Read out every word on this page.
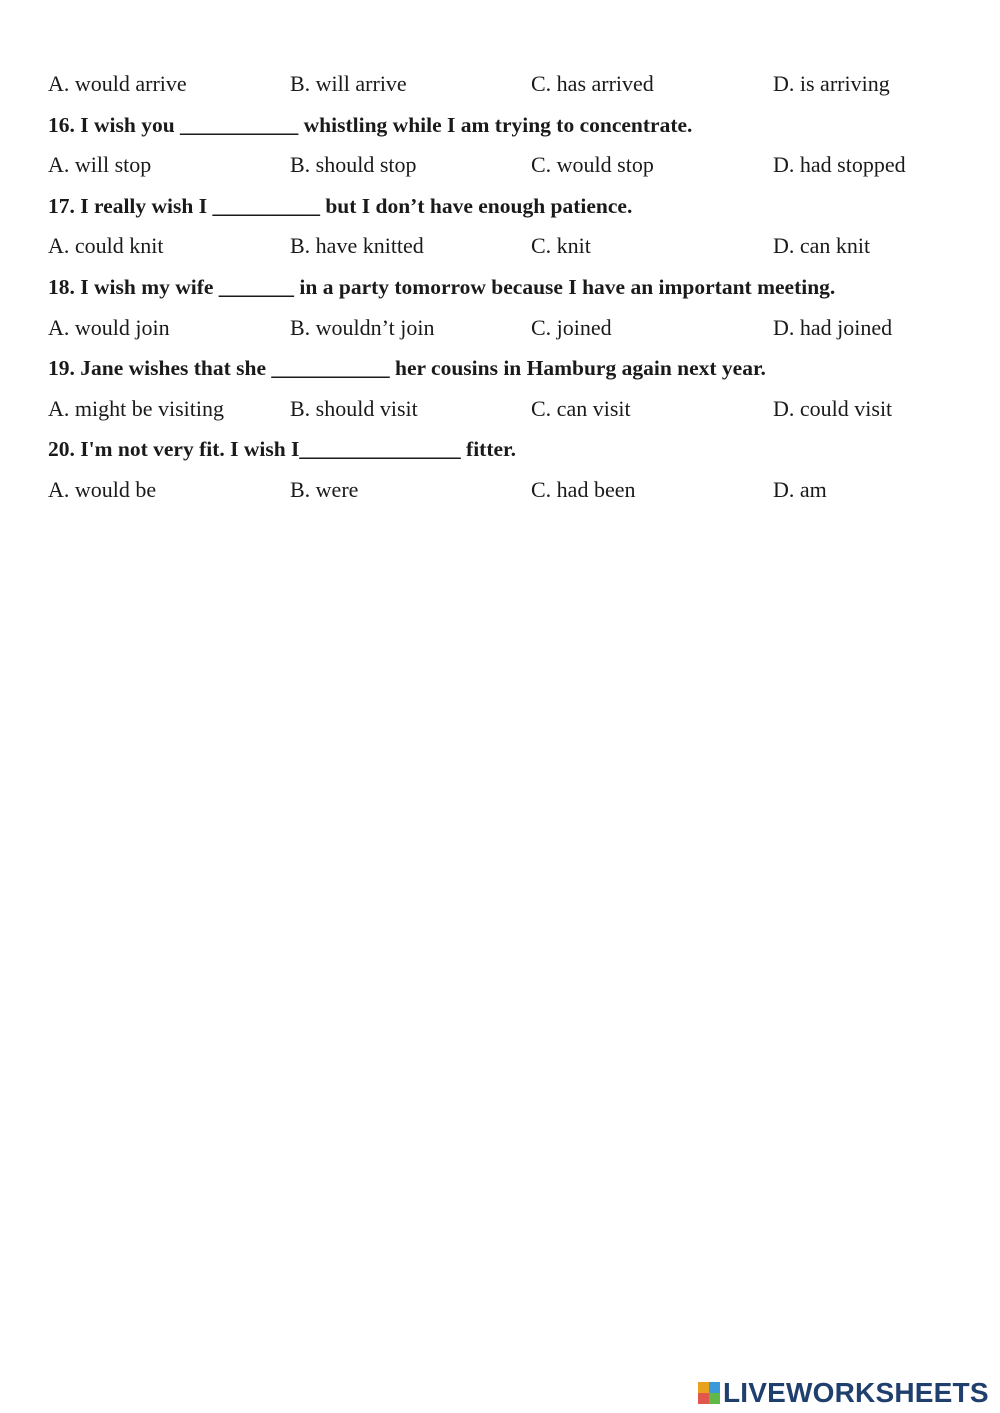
A. would arrive	B. will arrive	C. has arrived	D. is arriving
16. I wish you ___________ whistling while I am trying to concentrate.
A. will stop	B. should stop	C. would stop	D. had stopped
17. I really wish I __________ but I don’t have enough patience.
A. could knit	B. have knitted	C. knit	D. can knit
18. I wish my wife _______ in a party tomorrow because I have an important meeting.
A. would join	B. wouldn’t join	C. joined	D. had joined
19. Jane wishes that she ___________ her cousins in Hamburg again next year.
A. might be visiting	B. should visit	C. can visit	D. could visit
20. I'm not very fit. I wish I_______________ fitter.
A. would be	B. were	C. had been	D. am
LIVEWORKSHEETS
